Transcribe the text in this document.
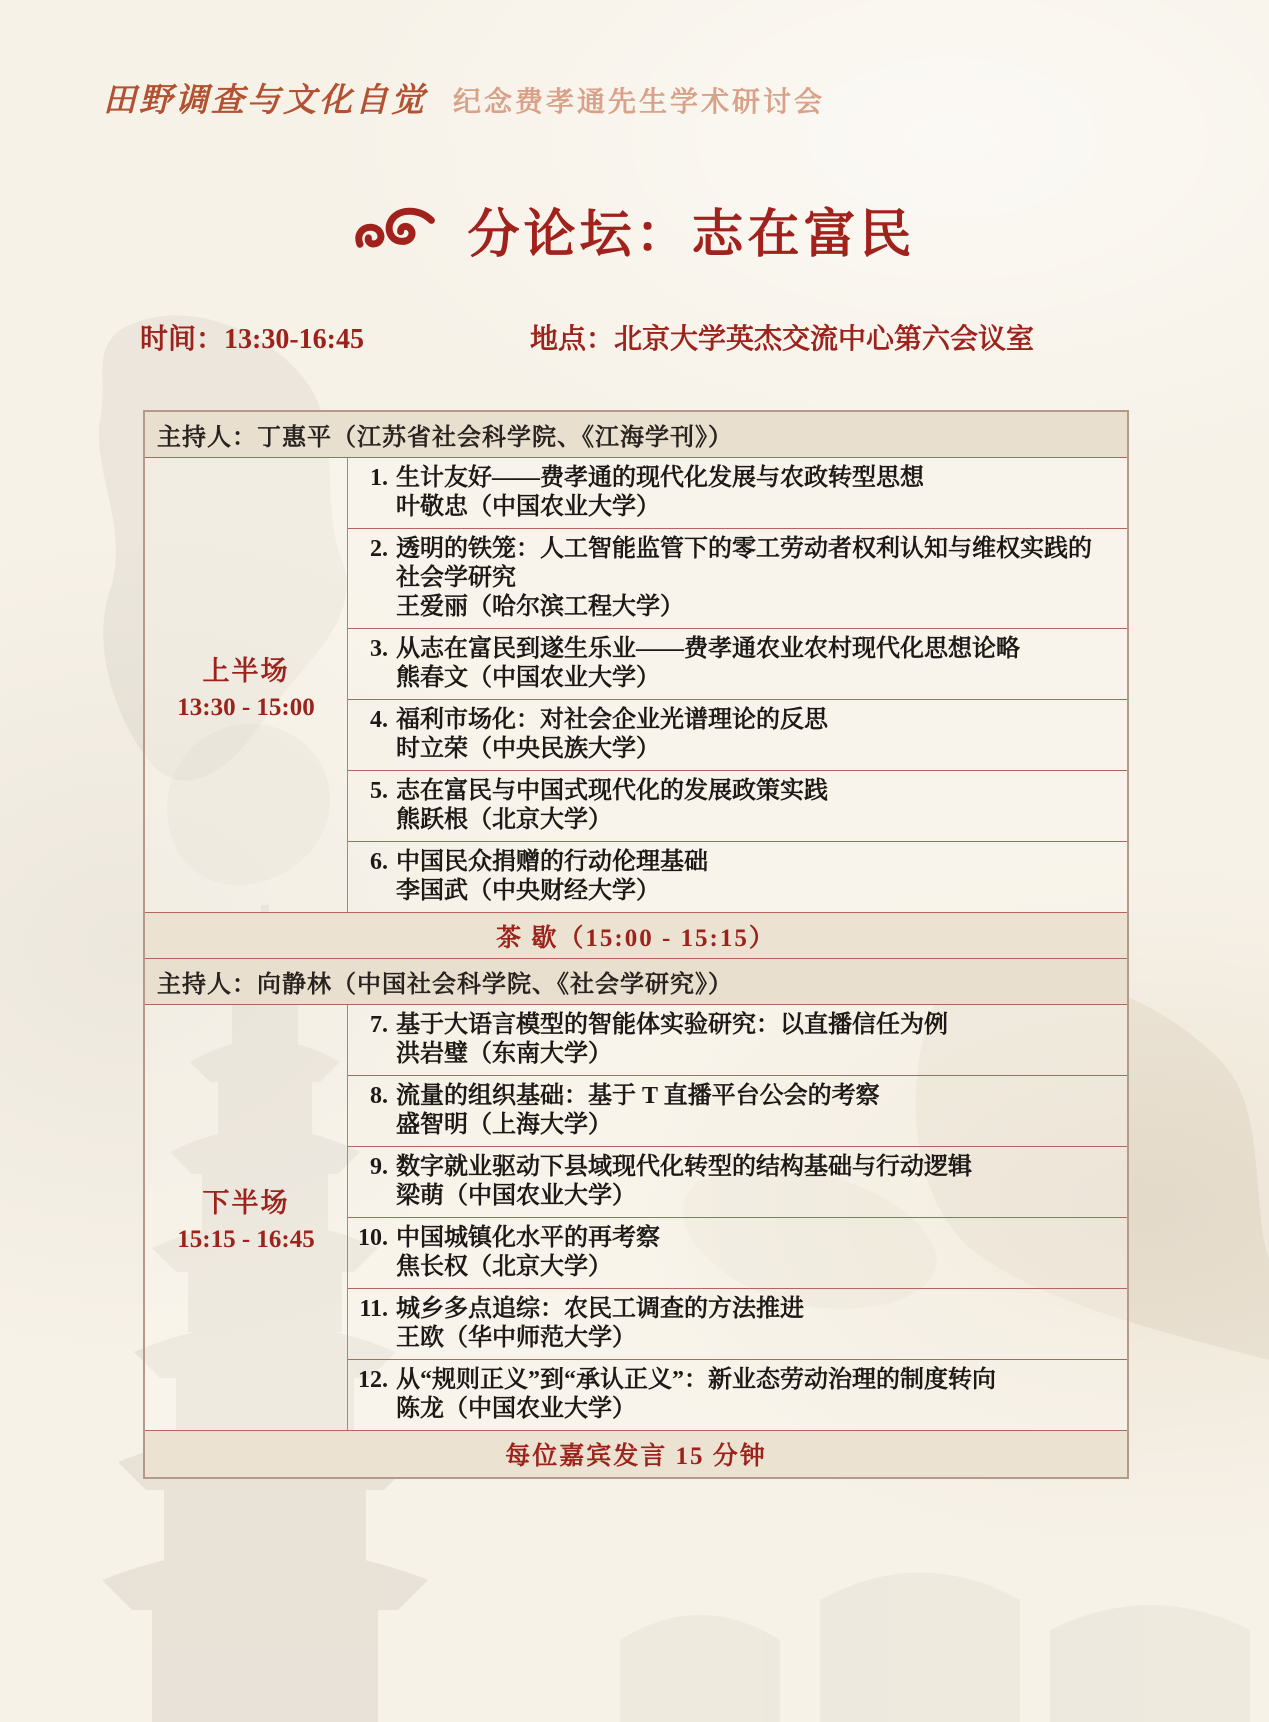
田野调查与文化自觉 纪念费孝通先生学术研讨会
分论坛：志在富民
时间：13:30-16:45	地点：北京大学英杰交流中心第六会议室
主持人：丁惠平（江苏省社会科学院、《江海学刊》）
上半场
13:30 - 15:00
1. 生计友好——费孝通的现代化发展与农政转型思想
叶敬忠（中国农业大学）
2. 透明的铁笼：人工智能监管下的零工劳动者权利认知与维权实践的社会学研究
王爱丽（哈尔滨工程大学）
3. 从志在富民到遂生乐业——费孝通农业农村现代化思想论略
熊春文（中国农业大学）
4. 福利市场化：对社会企业光谱理论的反思
时立荣（中央民族大学）
5. 志在富民与中国式现代化的发展政策实践
熊跃根（北京大学）
6. 中国民众捐赠的行动伦理基础
李国武（中央财经大学）
茶 歇（15:00 - 15:15）
主持人：向静林（中国社会科学院、《社会学研究》）
下半场
15:15 - 16:45
7. 基于大语言模型的智能体实验研究：以直播信任为例
洪岩璧（东南大学）
8. 流量的组织基础：基于 T 直播平台公会的考察
盛智明（上海大学）
9. 数字就业驱动下县域现代化转型的结构基础与行动逻辑
梁萌（中国农业大学）
10. 中国城镇化水平的再考察
焦长权（北京大学）
11. 城乡多点追综：农民工调查的方法推进
王欧（华中师范大学）
12. 从“规则正义”到“承认正义”：新业态劳动治理的制度转向
陈龙（中国农业大学）
每位嘉宾发言 15 分钟
